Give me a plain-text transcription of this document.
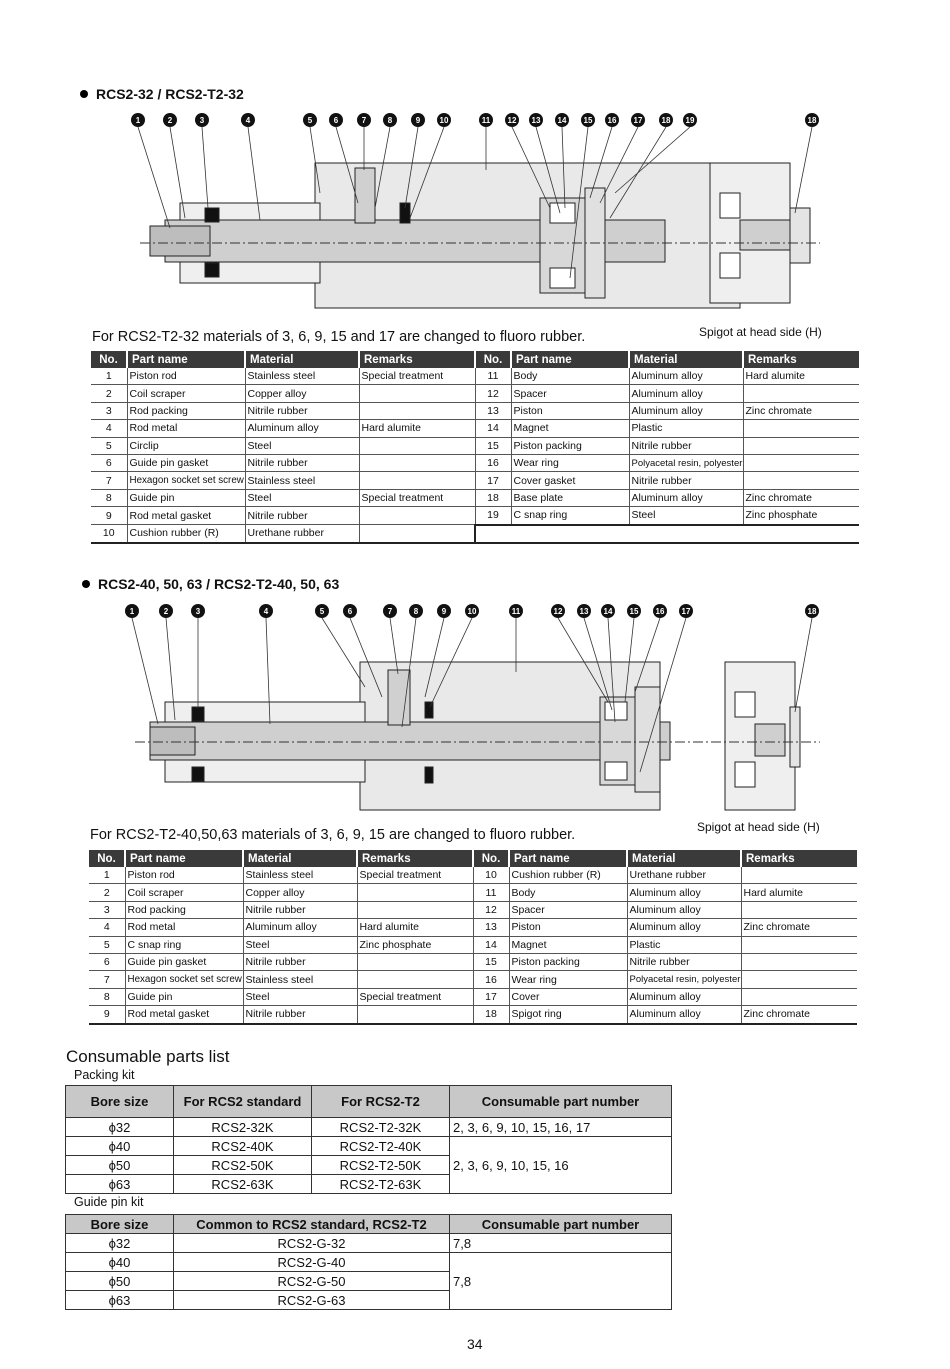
RCS2-32 / RCS2-T2-32
1	2	3	4	5	6	7	8	9 10	11 12 13 14 15 16 17 18 19	18
For RCS2-T2-32 materials of 3, 6, 9, 15 and 17 are changed to fluoro rubber.	Spigot at head side (H)
No.	Part name	Material	Remarks	No.	Part name	Material	Remarks
1	Piston rod	Stainless steel	Special treatment	11	Body	Aluminum alloy	Hard alumite
2	Coil scraper	Copper alloy		12	Spacer	Aluminum alloy	
3	Rod packing	Nitrile rubber		13	Piston	Aluminum alloy	Zinc chromate
4	Rod metal	Aluminum alloy	Hard alumite	14	Magnet	Plastic	
5	Circlip	Steel		15	Piston packing	Nitrile rubber	
6	Guide pin gasket	Nitrile rubber		16	Wear ring	Polyacetal resin, polyester	
7	Hexagon socket set screw	Stainless steel		17	Cover gasket	Nitrile rubber	
8	Guide pin	Steel	Special treatment	18	Base plate	Aluminum alloy	Zinc chromate
9	Rod metal gasket	Nitrile rubber		19	C snap ring	Steel	Zinc phosphate
10	Cushion rubber (R)	Urethane rubber					
RCS2-40, 50, 63 / RCS2-T2-40, 50, 63
1	2	3	4	5	6	7	8	9	10	11	12 13 14 15 16 17	18
For RCS2-T2-40,50,63 materials of 3, 6, 9, 15 are changed to fluoro rubber.	Spigot at head side (H)
No.	Part name	Material	Remarks	No.	Part name	Material	Remarks
1	Piston rod	Stainless steel	Special treatment	10	Cushion rubber (R)	Urethane rubber	
2	Coil scraper	Copper alloy		11	Body	Aluminum alloy	Hard alumite
3	Rod packing	Nitrile rubber		12	Spacer	Aluminum alloy	
4	Rod metal	Aluminum alloy	Hard alumite	13	Piston	Aluminum alloy	Zinc chromate
5	C snap ring	Steel	Zinc phosphate	14	Magnet	Plastic	
6	Guide pin gasket	Nitrile rubber		15	Piston packing	Nitrile rubber	
7	Hexagon socket set screw	Stainless steel		16	Wear ring	Polyacetal resin, polyester	
8	Guide pin	Steel	Special treatment	17	Cover	Aluminum alloy	
9	Rod metal gasket	Nitrile rubber		18	Spigot ring	Aluminum alloy	Zinc chromate
Consumable parts list
Packing kit
Bore size	For RCS2 standard	For RCS2-T2	Consumable part number
ϕ32	RCS2-32K	RCS2-T2-32K	2, 3, 6, 9, 10, 15, 16, 17
ϕ40	RCS2-40K	RCS2-T2-40K	2, 3, 6, 9, 10, 15, 16
ϕ50	RCS2-50K	RCS2-T2-50K	
ϕ63	RCS2-63K	RCS2-T2-63K	
Guide pin kit
Bore size	Common to RCS2 standard, RCS2-T2	Consumable part number
ϕ32	RCS2-G-32	7,8
ϕ40	RCS2-G-40	7,8
ϕ50	RCS2-G-50	
ϕ63	RCS2-G-63	
34
